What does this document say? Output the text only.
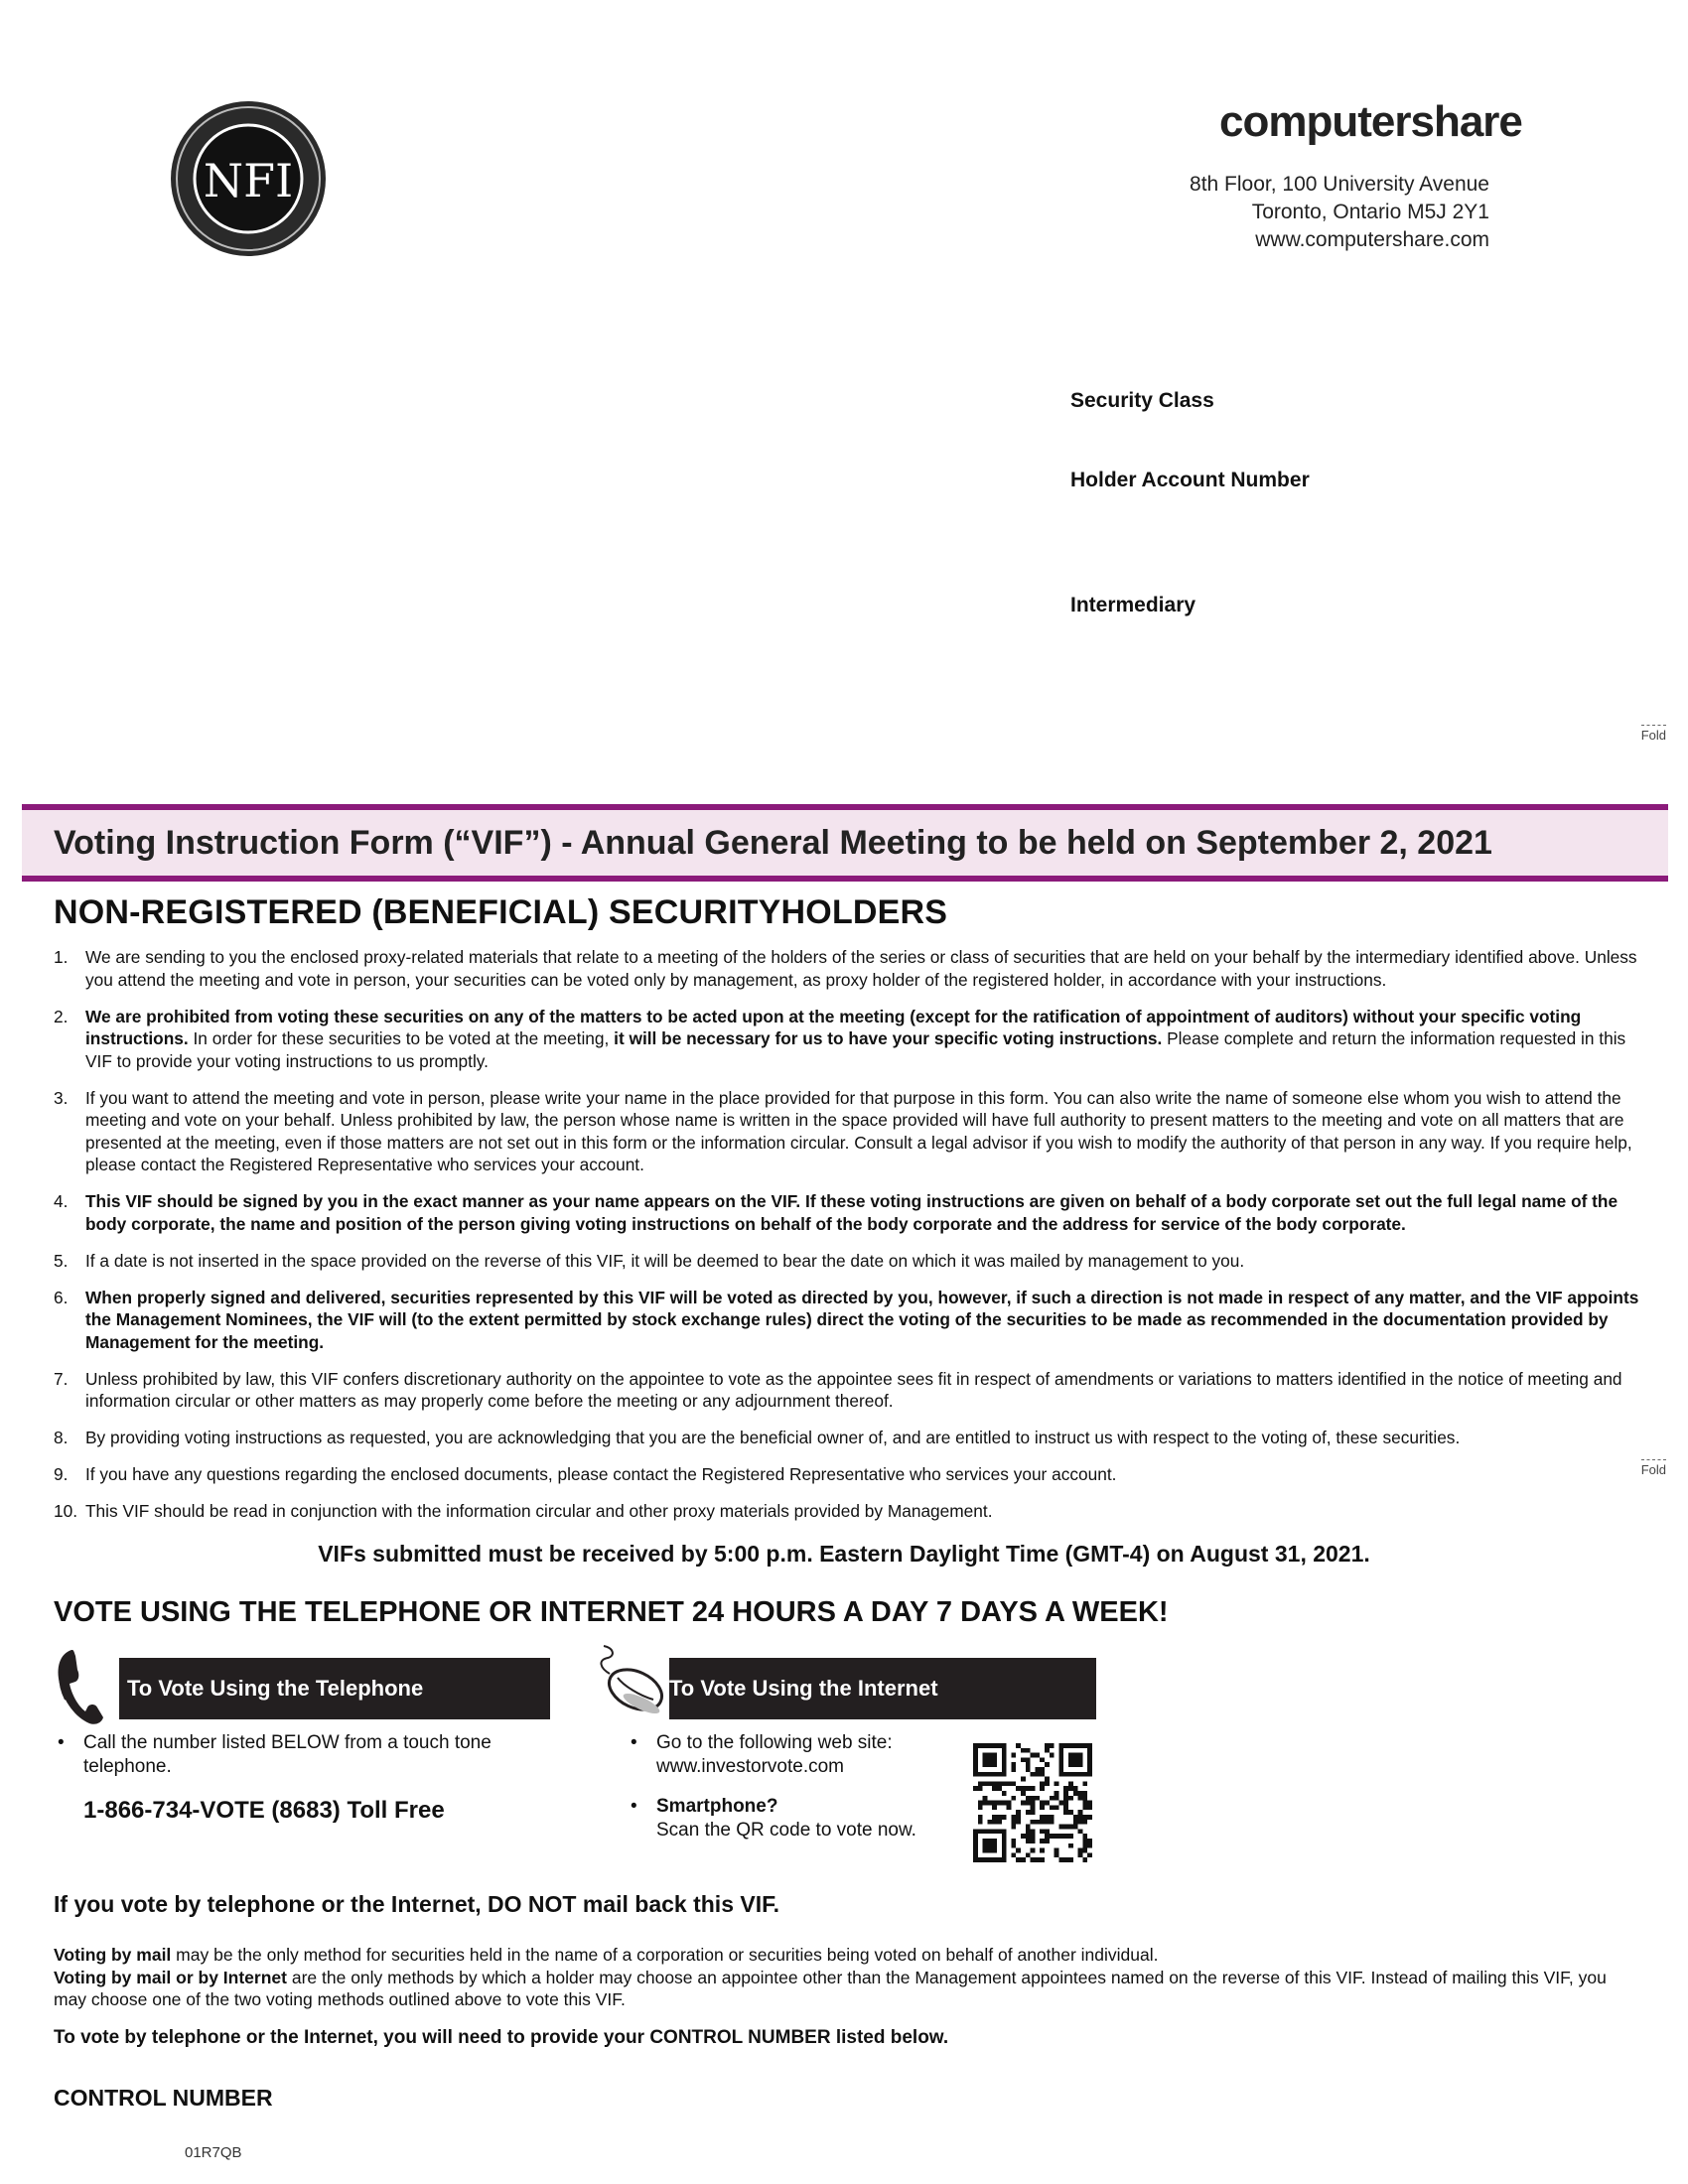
NFI
computershare
8th Floor, 100 University Avenue
Toronto, Ontario M5J 2Y1
www.computershare.com
Security Class
Holder Account Number
Intermediary
Fold
Fold
Voting Instruction Form (“VIF”) - Annual General Meeting to be held on September 2, 2021
NON-REGISTERED (BENEFICIAL) SECURITYHOLDERS
1. We are sending to you the enclosed proxy-related materials that relate to a meeting of the holders of the series or class of securities that are held on your behalf by the intermediary identified above. Unless you attend the meeting and vote in person, your securities can be voted only by management, as proxy holder of the registered holder, in accordance with your instructions.
2. We are prohibited from voting these securities on any of the matters to be acted upon at the meeting (except for the ratification of appointment of auditors) without your specific voting instructions. In order for these securities to be voted at the meeting, it will be necessary for us to have your specific voting instructions. Please complete and return the information requested in this VIF to provide your voting instructions to us promptly.
3. If you want to attend the meeting and vote in person, please write your name in the place provided for that purpose in this form. You can also write the name of someone else whom you wish to attend the meeting and vote on your behalf. Unless prohibited by law, the person whose name is written in the space provided will have full authority to present matters to the meeting and vote on all matters that are presented at the meeting, even if those matters are not set out in this form or the information circular. Consult a legal advisor if you wish to modify the authority of that person in any way. If you require help, please contact the Registered Representative who services your account.
4. This VIF should be signed by you in the exact manner as your name appears on the VIF. If these voting instructions are given on behalf of a body corporate set out the full legal name of the body corporate, the name and position of the person giving voting instructions on behalf of the body corporate and the address for service of the body corporate.
5. If a date is not inserted in the space provided on the reverse of this VIF, it will be deemed to bear the date on which it was mailed by management to you.
6. When properly signed and delivered, securities represented by this VIF will be voted as directed by you, however, if such a direction is not made in respect of any matter, and the VIF appoints the Management Nominees, the VIF will (to the extent permitted by stock exchange rules) direct the voting of the securities to be made as recommended in the documentation provided by Management for the meeting.
7. Unless prohibited by law, this VIF confers discretionary authority on the appointee to vote as the appointee sees fit in respect of amendments or variations to matters identified in the notice of meeting and information circular or other matters as may properly come before the meeting or any adjournment thereof.
8. By providing voting instructions as requested, you are acknowledging that you are the beneficial owner of, and are entitled to instruct us with respect to the voting of, these securities.
9. If you have any questions regarding the enclosed documents, please contact the Registered Representative who services your account.
10. This VIF should be read in conjunction with the information circular and other proxy materials provided by Management.
VIFs submitted must be received by 5:00 p.m. Eastern Daylight Time (GMT-4) on August 31, 2021.
VOTE USING THE TELEPHONE OR INTERNET 24 HOURS A DAY 7 DAYS A WEEK!
To Vote Using the Telephone	To Vote Using the Internet
• Call the number listed BELOW from a touch tone
telephone.
1-866-734-VOTE (8683) Toll Free
• Go to the following web site:
www.investorvote.com
• Smartphone?
Scan the QR code to vote now.
If you vote by telephone or the Internet, DO NOT mail back this VIF.
Voting by mail may be the only method for securities held in the name of a corporation or securities being voted on behalf of another individual.
Voting by mail or by Internet are the only methods by which a holder may choose an appointee other than the Management appointees named on the reverse of this VIF. Instead of mailing this VIF, you may choose one of the two voting methods outlined above to vote this VIF.
To vote by telephone or the Internet, you will need to provide your CONTROL NUMBER listed below.
CONTROL NUMBER
01R7QB
